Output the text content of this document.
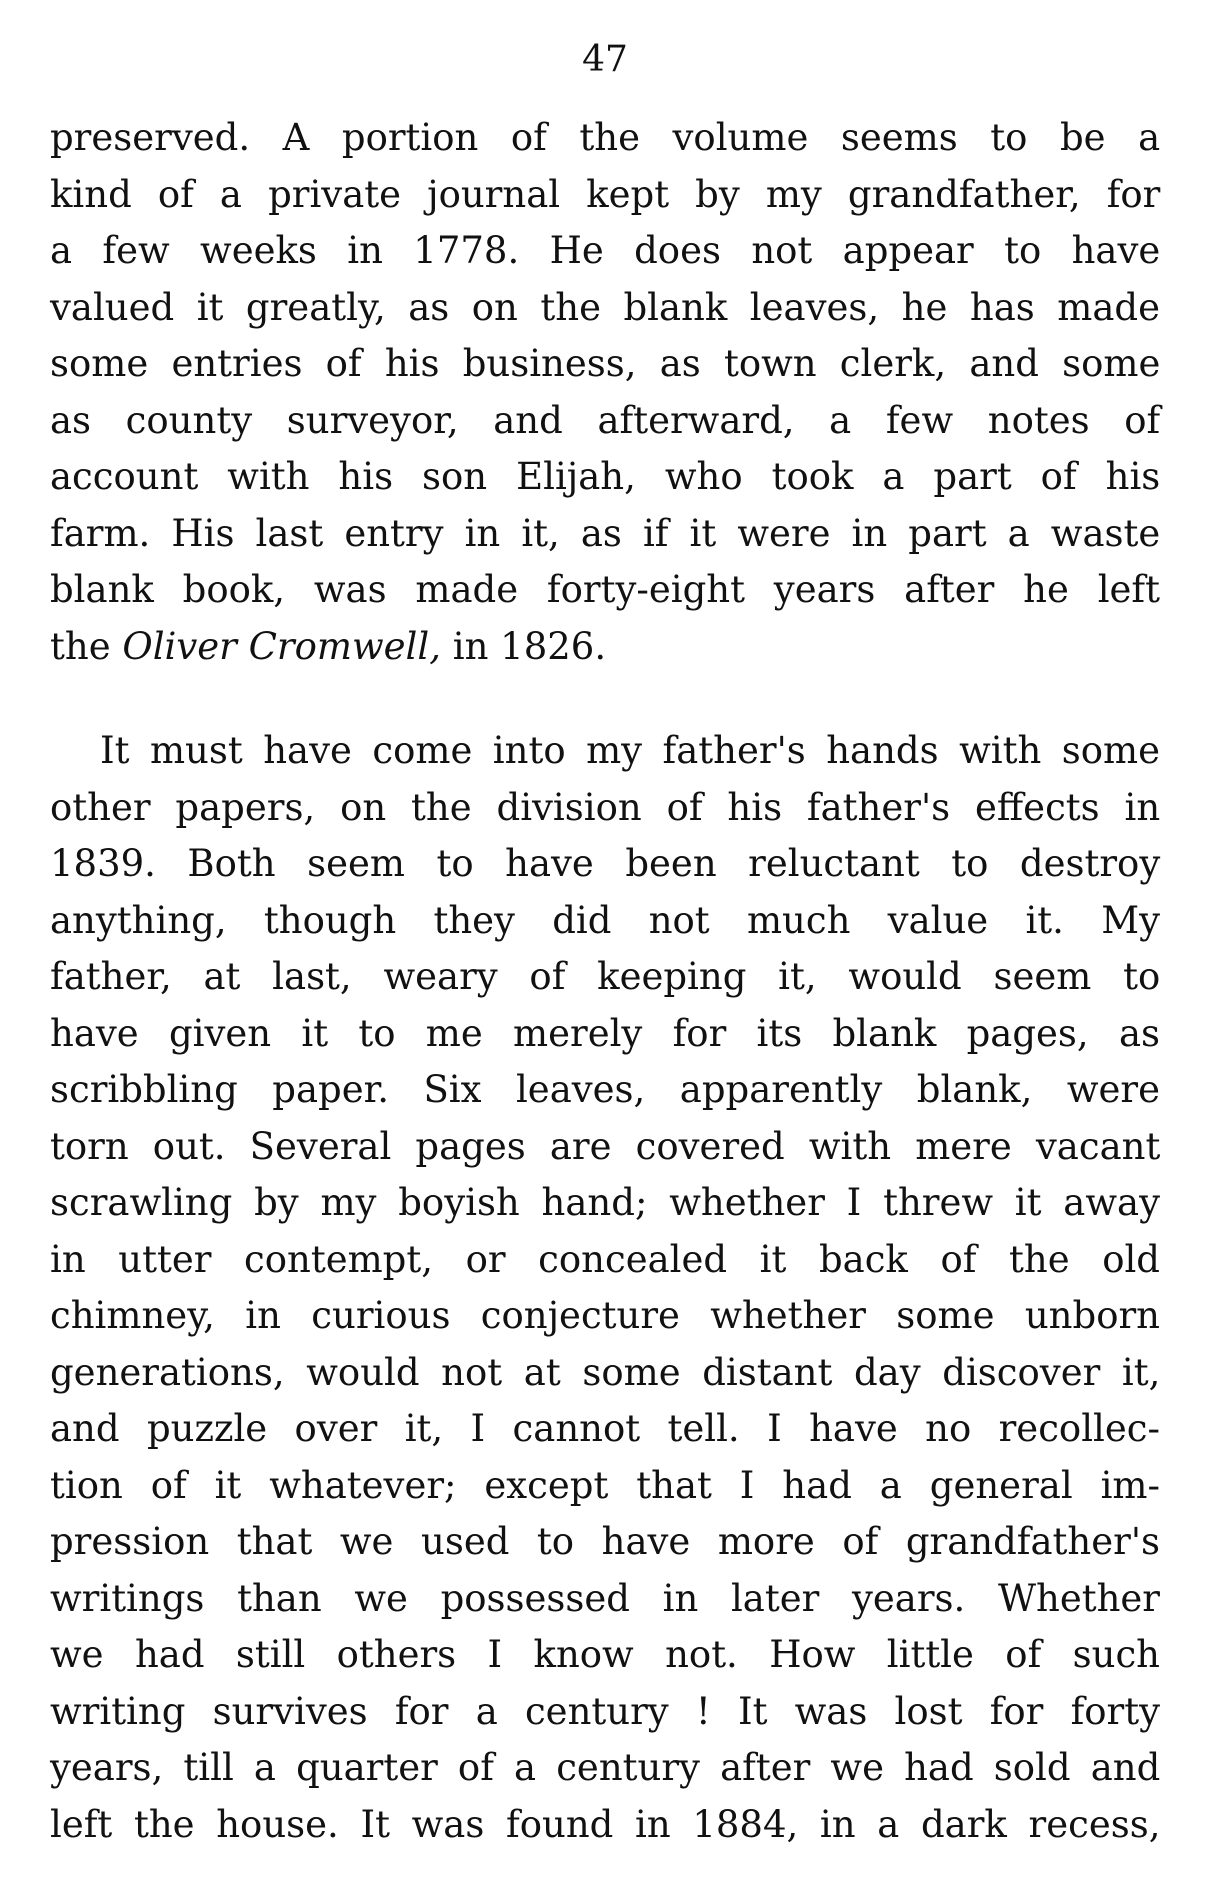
47

preserved. A portion of the volume seems to be a
kind of a private journal kept by my grandfather, for
a few weeks in 1778. He does not appear to have
valued it greatly, as on the blank leaves, he has made
some entries of his business, as town clerk, and some
as county surveyor, and afterward, a few notes of
account with his son Elijah, who took a part of his
farm. His last entry in it, as if it were in part a waste
blank book, was made forty-eight years after he left
the Oliver Cromwell, in 1826.

It must have come into my father's hands with some
other papers, on the division of his father's effects in
1839. Both seem to have been reluctant to destroy
anything, though they did not much value it. My
father, at last, weary of keeping it, would seem to
have given it to me merely for its blank pages, as
scribbling paper. Six leaves, apparently blank, were
torn out. Several pages are covered with mere vacant
scrawling by my boyish hand; whether I threw it away
in utter contempt, or concealed it back of the old
chimney, in curious conjecture whether some unborn
generations, would not at some distant day discover it,
and puzzle over it, I cannot tell. I have no recollec-
tion of it whatever; except that I had a general im-
pression that we used to have more of grandfather's
writings than we possessed in later years. Whether
we had still others I know not. How little of such
writing survives for a century ! It was lost for forty
years, till a quarter of a century after we had sold and
left the house. It was found in 1884, in a dark recess,
